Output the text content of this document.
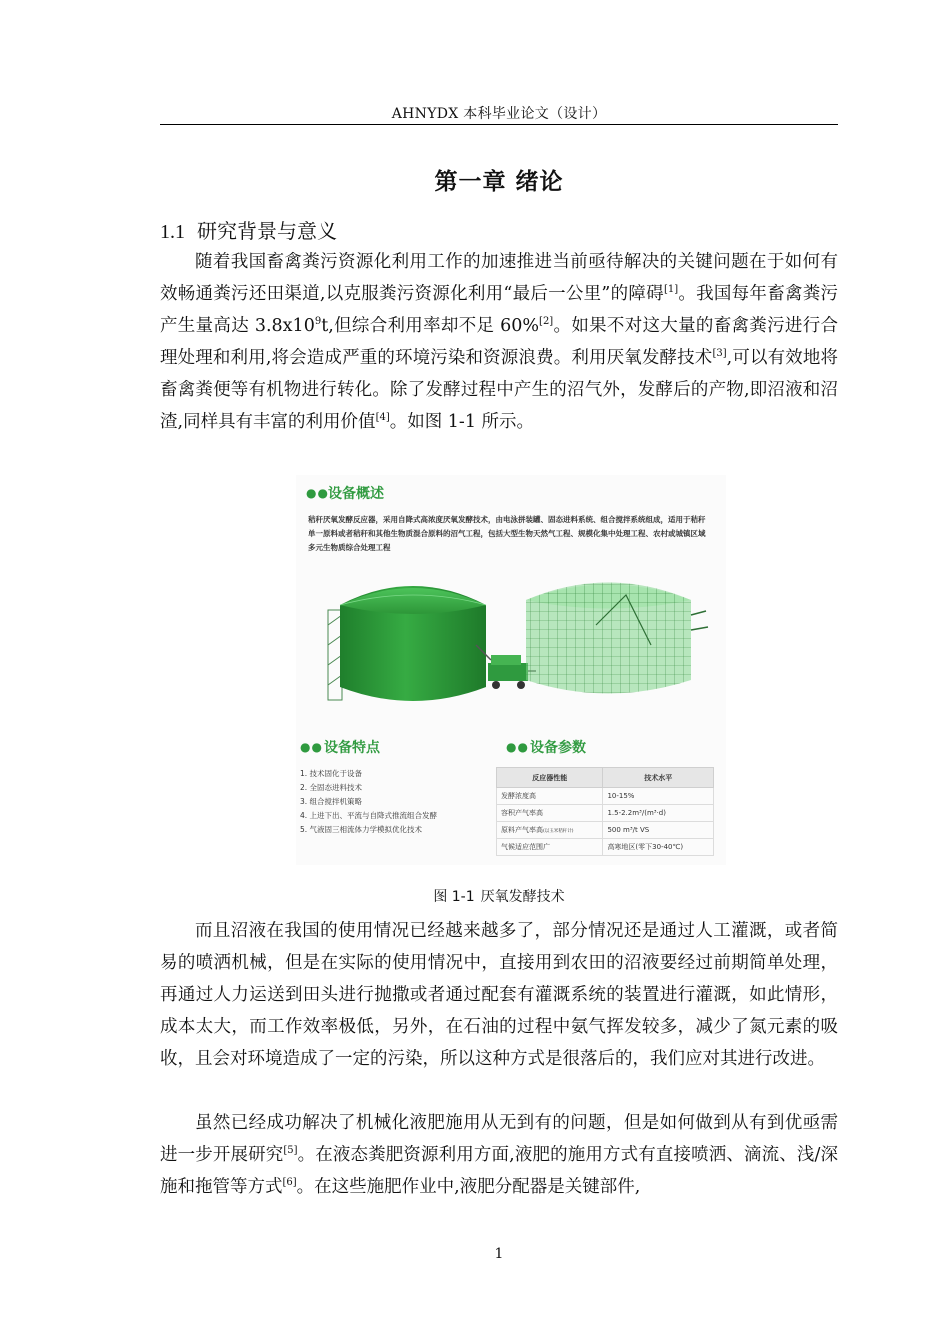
AHNYDX 本科毕业论文（设计）
第一章 绪论
1.1 研究背景与意义

随着我国畜禽粪污资源化利用工作的加速推进当前亟待解决的关键问题在于如何有效畅通粪污还田渠道,以克服粪污资源化利用“最后一公里”的障碍[1]。我国每年畜禽粪污产生量高达 $3.8x10^9t$,但综合利用率却不足 60%[2]。如果不对这大量的畜禽粪污进行合理处理和利用,将会造成严重的环境污染和资源浪费。利用厌氧发酵技术[3],可以有效地将畜禽粪便等有机物进行转化。除了发酵过程中产生的沼气外，发酵后的产物,即沼液和沼渣,同样具有丰富的利用价值[4]。如图 1-1 所示。

●● 设备概述
秸秆厌氧发酵反应器，采用自降式高浓度厌氧发酵技术，由电泳拼装罐、固态进料系统、组合搅拌系统组成，适用于秸秆单一原料或者秸秆和其他生物质混合原料的沼气工程，包括大型生物天然气工程、规模化集中处理工程、农村或城镇区域多元生物质综合处理工程
●● 设备特点
1. 技术固化于设备
2. 全固态进料技术
3. 组合搅拌机策略
4. 上进下出、平流与自降式推流组合发酵
5. 气液固三相流体力学模拟优化技术
●● 设备参数
反应器性能	技术水平
发酵浓度高	10-15%
容积产气率高	1.5-2.2m³/(m³·d)
原料产气率高(以玉米秸秆计)	500 m³/t VS
气候适应范围广	高寒地区(零下30-40℃)
图 1-1 厌氧发酵技术

而且沼液在我国的使用情况已经越来越多了，部分情况还是通过人工灌溉，或者简易的喷洒机械，但是在实际的使用情况中，直接用到农田的沼液要经过前期简单处理，再通过人力运送到田头进行抛撒或者通过配套有灌溉系统的装置进行灌溉，如此情形，成本太大，而工作效率极低，另外，在石油的过程中氨气挥发较多，减少了氮元素的吸收，且会对环境造成了一定的污染，所以这种方式是很落后的，我们应对其进行改进。

虽然已经成功解决了机械化液肥施用从无到有的问题，但是如何做到从有到优亟需进一步开展研究[5]。在液态粪肥资源利用方面,液肥的施用方式有直接喷洒、滴流、浅/深施和拖管等方式[6]。在这些施肥作业中,液肥分配器是关键部件,

1
